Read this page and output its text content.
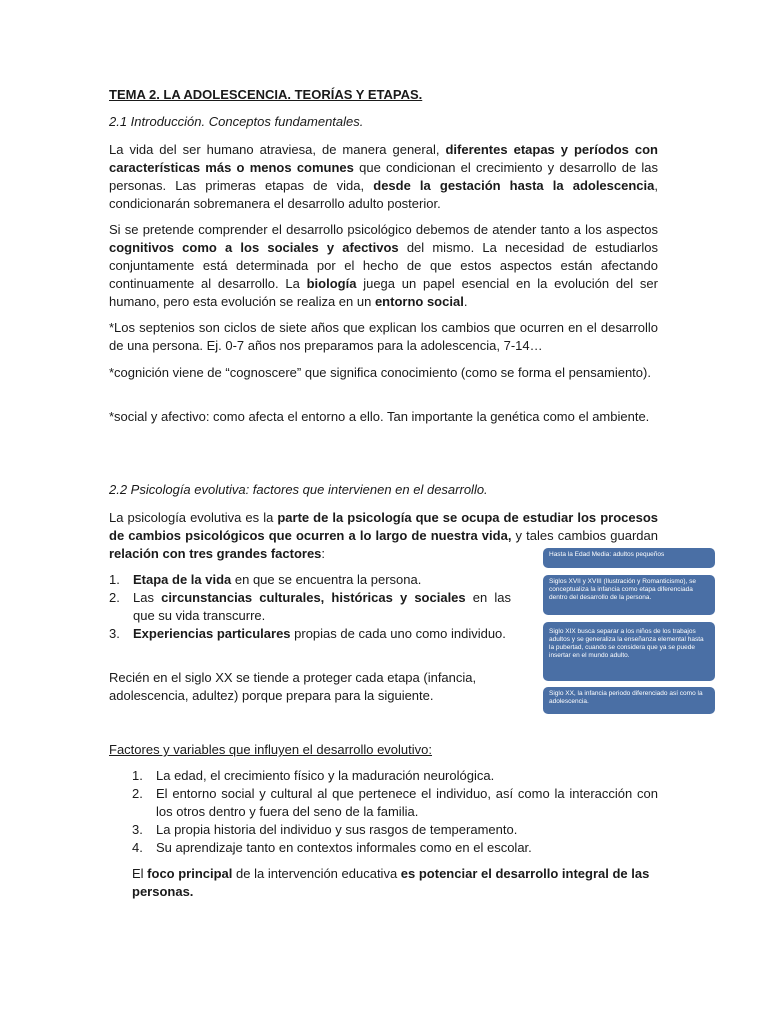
TEMA 2. LA ADOLESCENCIA. TEORÍAS Y ETAPAS.

2.1 Introducción. Conceptos fundamentales.

La vida del ser humano atraviesa, de manera general, diferentes etapas y períodos con características más o menos comunes que condicionan el crecimiento y desarrollo de las personas. Las primeras etapas de vida, desde la gestación hasta la adolescencia, condicionarán sobremanera el desarrollo adulto posterior.

Si se pretende comprender el desarrollo psicológico debemos de atender tanto a los aspectos cognitivos como a los sociales y afectivos del mismo. La necesidad de estudiarlos conjuntamente está determinada por el hecho de que estos aspectos están afectando continuamente al desarrollo. La biología juega un papel esencial en la evolución del ser humano, pero esta evolución se realiza en un entorno social.

*Los septenios son ciclos de siete años que explican los cambios que ocurren en el desarrollo de una persona. Ej. 0-7 años nos preparamos para la adolescencia, 7-14…

*cognición viene de “cognoscere” que significa conocimiento (como se forma el pensamiento).

*social y afectivo: como afecta el entorno a ello. Tan importante la genética como el ambiente.

2.2 Psicología evolutiva: factores que intervienen en el desarrollo.

La psicología evolutiva es la parte de la psicología que se ocupa de estudiar los procesos de cambios psicológicos que ocurren a lo largo de nuestra vida, y tales cambios guardan relación con tres grandes factores:

1. Etapa de la vida en que se encuentra la persona.
2. Las circunstancias culturales, históricas y sociales en las que su vida transcurre.
3. Experiencias particulares propias de cada uno como individuo.

Recién en el siglo XX se tiende a proteger cada etapa (infancia, adolescencia, adultez) porque prepara para la siguiente.

Hasta la Edad Media: adultos pequeños
Siglos XVII y XVIII (Ilustración y Romanticismo), se conceptualiza la infancia como etapa diferenciada dentro del desarrollo de la persona.
Siglo XIX busca separar a los niños de los trabajos adultos y se generaliza la enseñanza elemental hasta la pubertad, cuando se considera que ya se puede insertar en el mundo adulto.
Siglo XX, la infancia periodo diferenciado así como la adolescencia.

Factores y variables que influyen el desarrollo evolutivo:

1. La edad, el crecimiento físico y la maduración neurológica.
2. El entorno social y cultural al que pertenece el individuo, así como la interacción con los otros dentro y fuera del seno de la familia.
3. La propia historia del individuo y sus rasgos de temperamento.
4. Su aprendizaje tanto en contextos informales como en el escolar.

El foco principal de la intervención educativa es potenciar el desarrollo integral de las personas.
